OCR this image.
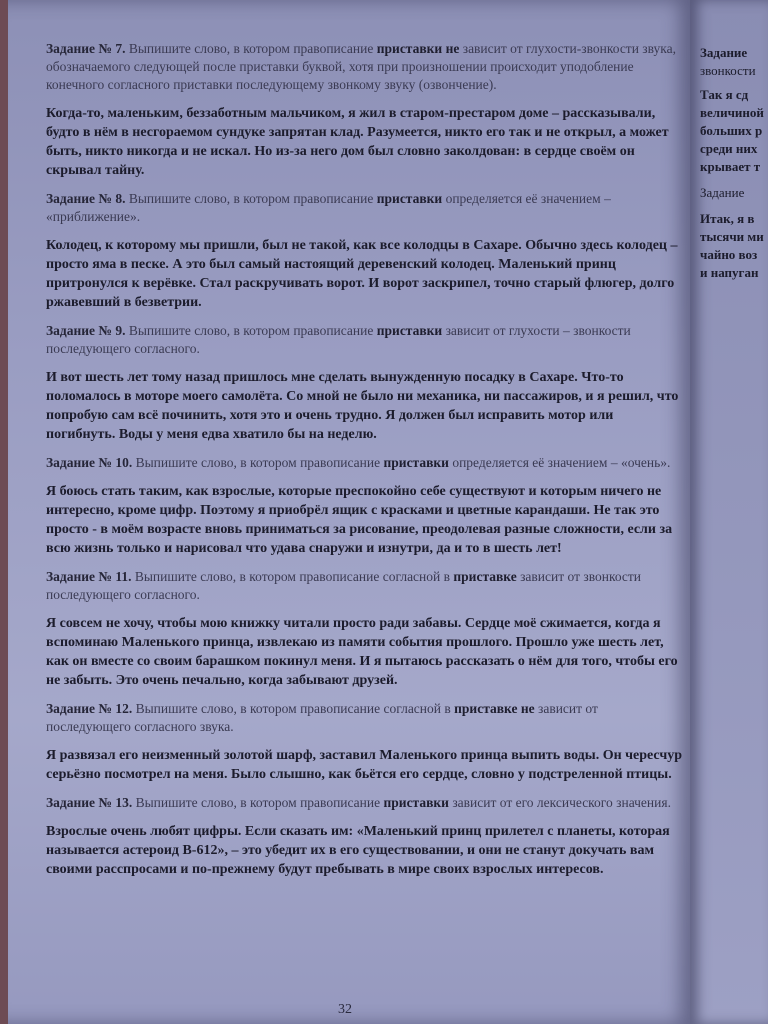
Задание № 7. Выпишите слово, в котором правописание приставки не зависит от глухости-звонкости звука, обозначаемого следующей после приставки буквой, хотя при произношении происходит уподобление конечного согласного приставки последующему звонкому звуку (озвончение).

Когда-то, маленьким, беззаботным мальчиком, я жил в старом-престаром доме – рассказывали, будто в нём в несгораемом сундуке запрятан клад. Разумеется, никто его так и не открыл, а может быть, никто никогда и не искал. Но из-за него дом был словно заколдован: в сердце своём он скрывал тайну.

Задание № 8. Выпишите слово, в котором правописание приставки определяется её значением – «приближение».

Колодец, к которому мы пришли, был не такой, как все колодцы в Сахаре. Обычно здесь колодец – просто яма в песке. А это был самый настоящий деревенский колодец. Маленький принц притронулся к верёвке. Стал раскручивать ворот. И ворот заскрипел, точно старый флюгер, долго ржавевший в безветрии.

Задание № 9. Выпишите слово, в котором правописание приставки зависит от глухости – звонкости последующего согласного.

И вот шесть лет тому назад пришлось мне сделать вынужденную посадку в Сахаре. Что-то поломалось в моторе моего самолёта. Со мной не было ни механика, ни пассажиров, и я решил, что попробую сам всё починить, хотя это и очень трудно. Я должен был исправить мотор или погибнуть. Воды у меня едва хватило бы на неделю.

Задание № 10. Выпишите слово, в котором правописание приставки определяется её значением – «очень».

Я боюсь стать таким, как взрослые, которые преспокойно себе существуют и которым ничего не интересно, кроме цифр. Поэтому я приобрёл ящик с красками и цветные карандаши. Не так это просто - в моём возрасте вновь приниматься за рисование, преодолевая разные сложности, если за всю жизнь только и нарисовал что удава снаружи и изнутри, да и то в шесть лет!

Задание № 11. Выпишите слово, в котором правописание согласной в приставке зависит от звонкости последующего согласного.

Я совсем не хочу, чтобы мою книжку читали просто ради забавы. Сердце моё сжимается, когда я вспоминаю Маленького принца, извлекаю из памяти события прошлого. Прошло уже шесть лет, как он вместе со своим барашком покинул меня. И я пытаюсь рассказать о нём для того, чтобы его не забыть. Это очень печально, когда забывают друзей.

Задание № 12. Выпишите слово, в котором правописание согласной в приставке не зависит от последующего согласного звука.

Я развязал его неизменный золотой шарф, заставил Маленького принца выпить воды. Он чересчур серьёзно посмотрел на меня. Было слышно, как бьётся его сердце, словно у подстреленной птицы.

Задание № 13. Выпишите слово, в котором правописание приставки зависит от его лексического значения.

Взрослые очень любят цифры. Если сказать им: «Маленький принц прилетел с планеты, которая называется астероид В-612», – это убедит их в его существовании, и они не станут докучать вам своими расспросами и по-прежнему будут пребывать в мире своих взрослых интересов.

32
Задание
звонкости
Так я сд
величиной
больших р
среди них
крывает т
Задание
Итак, я в
тысячи ми
чайно воз
и напуган
